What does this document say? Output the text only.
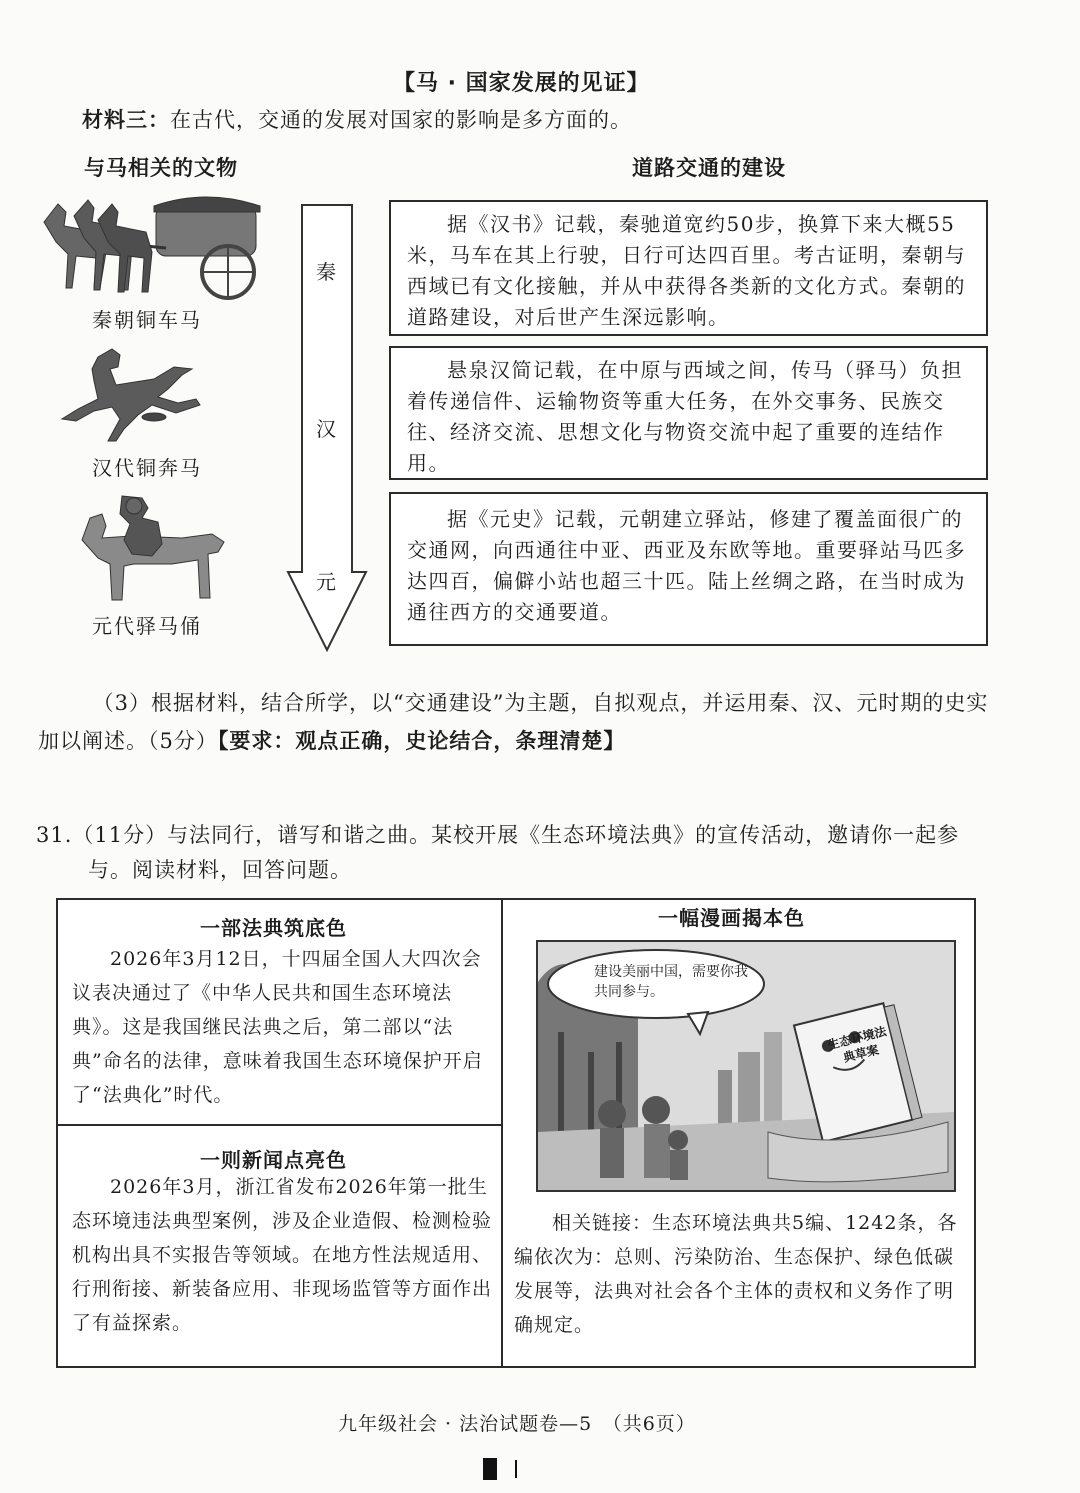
【马 · 国家发展的见证】
材料三：在古代，交通的发展对国家的影响是多方面的。
与马相关的文物	道路交通的建设
秦朝铜车马
汉代铜奔马
元代驿马俑
秦
汉
元

据《汉书》记载，秦驰道宽约50步，换算下来大概55米，马车在其上行驶，日行可达四百里。考古证明，秦朝与西域已有文化接触，并从中获得各类新的文化方式。秦朝的道路建设，对后世产生深远影响。

悬泉汉简记载，在中原与西域之间，传马（驿马）负担着传递信件、运输物资等重大任务，在外交事务、民族交往、经济交流、思想文化与物资交流中起了重要的连结作用。

据《元史》记载，元朝建立驿站，修建了覆盖面很广的交通网，向西通往中亚、西亚及东欧等地。重要驿站马匹多达四百，偏僻小站也超三十匹。陆上丝绸之路，在当时成为通往西方的交通要道。

（3）根据材料，结合所学，以“交通建设”为主题，自拟观点，并运用秦、汉、元时期的史实加以阐述。（5分）【要求：观点正确，史论结合，条理清楚】
31.（11分）与法同行，谱写和谐之曲。某校开展《生态环境法典》的宣传活动，邀请你一起参
与。阅读材料，回答问题。
一部法典筑底色

2026年3月12日，十四届全国人大四次会议表决通过了《中华人民共和国生态环境法典》。这是我国继民法典之后，第二部以“法典”命名的法律，意味着我国生态环境保护开启了“法典化”时代。

一则新闻点亮色

2026年3月，浙江省发布2026年第一批生态环境违法典型案例，涉及企业造假、检测检验机构出具不实报告等领域。在地方性法规适用、行刑衔接、新装备应用、非现场监管等方面作出了有益探索。

一幅漫画揭本色
建设美丽中国，需要你我共同参与。
生态环境法典草案

相关链接：生态环境法典共5编、1242条，各编依次为：总则、污染防治、生态保护、绿色低碳发展等，法典对社会各个主体的责权和义务作了明确规定。

九年级社会 · 法治试题卷—5　（共6页）
